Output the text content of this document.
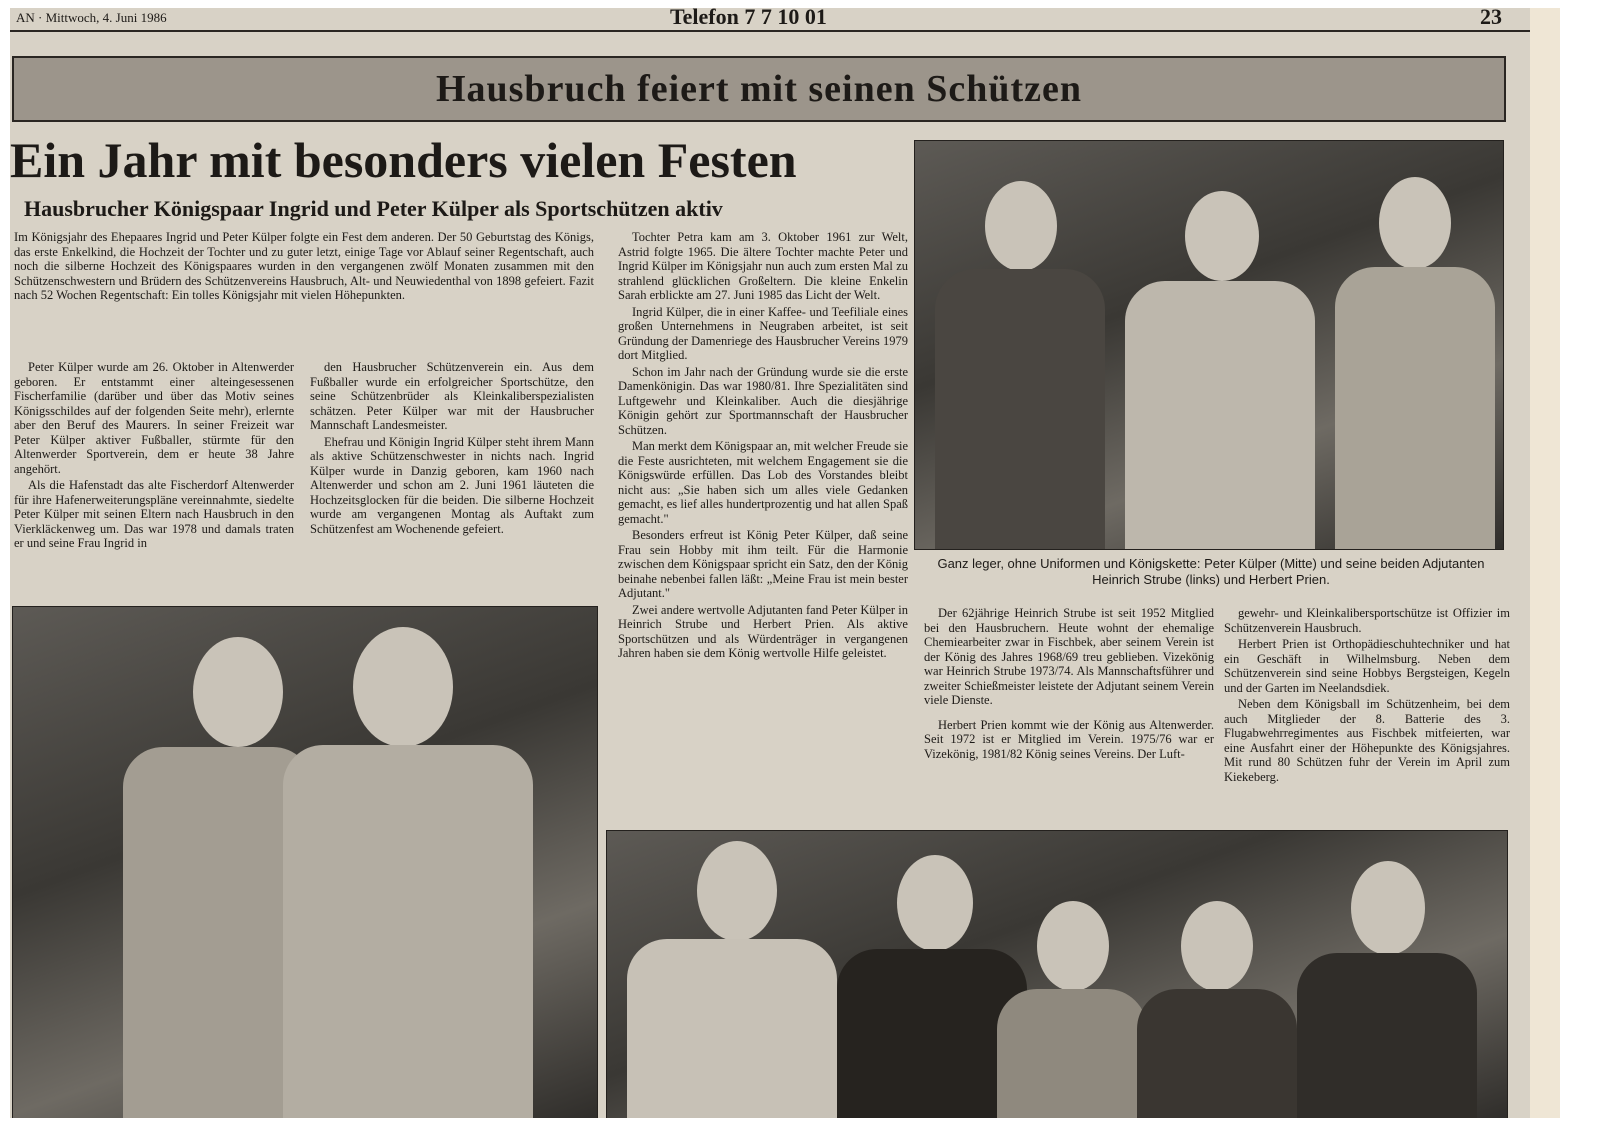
AN · Mittwoch, 4. Juni 1986	Telefon 7 7 10 01	23
Hausbruch feiert mit seinen Schützen
Ein Jahr mit besonders vielen Festen
Hausbrucher Königspaar Ingrid und Peter Külper als Sportschützen aktiv
Im Königsjahr des Ehepaares Ingrid und Peter Külper folgte ein Fest dem anderen. Der 50 Geburtstag des Königs, das erste Enkelkind, die Hochzeit der Tochter und zu guter letzt, einige Tage vor Ablauf seiner Regentschaft, auch noch die silberne Hochzeit des Königspaares wurden in den vergangenen zwölf Monaten zusammen mit den Schützenschwestern und Brüdern des Schützenvereins Hausbruch, Alt- und Neuwiedenthal von 1898 gefeiert. Fazit nach 52 Wochen Regentschaft: Ein tolles Königsjahr mit vielen Höhepunkten.

Peter Külper wurde am 26. Oktober in Altenwerder geboren. Er entstammt einer alteingesessenen Fischerfamilie (darüber und über das Motiv seines Königsschildes auf der folgenden Seite mehr), erlernte aber den Beruf des Maurers. In seiner Freizeit war Peter Külper aktiver Fußballer, stürmte für den Altenwerder Sportverein, dem er heute 38 Jahre angehört.

Als die Hafenstadt das alte Fischerdorf Altenwerder für ihre Hafenerweiterungspläne vereinnahmte, siedelte Peter Külper mit seinen Eltern nach Hausbruch in den Vierkläckenweg um. Das war 1978 und damals traten er und seine Frau Ingrid in

den Hausbrucher Schützenverein ein. Aus dem Fußballer wurde ein erfolgreicher Sportschütze, den seine Schützenbrüder als Kleinkaliberspezialisten schätzen. Peter Külper war mit der Hausbrucher Mannschaft Landesmeister.

Ehefrau und Königin Ingrid Külper steht ihrem Mann als aktive Schützenschwester in nichts nach. Ingrid Külper wurde in Danzig geboren, kam 1960 nach Altenwerder und schon am 2. Juni 1961 läuteten die Hochzeitsglocken für die beiden. Die silberne Hochzeit wurde am vergangenen Montag als Auftakt zum Schützenfest am Wochenende gefeiert.

Tochter Petra kam am 3. Oktober 1961 zur Welt, Astrid folgte 1965. Die ältere Tochter machte Peter und Ingrid Külper im Königsjahr nun auch zum ersten Mal zu strahlend glücklichen Großeltern. Die kleine Enkelin Sarah erblickte am 27. Juni 1985 das Licht der Welt.

Ingrid Külper, die in einer Kaffee- und Teefiliale eines großen Unternehmens in Neugraben arbeitet, ist seit Gründung der Damenriege des Hausbrucher Vereins 1979 dort Mitglied.

Schon im Jahr nach der Gründung wurde sie die erste Damenkönigin. Das war 1980/81. Ihre Spezialitäten sind Luftgewehr und Kleinkaliber. Auch die diesjährige Königin gehört zur Sportmannschaft der Hausbrucher Schützen.

Man merkt dem Königspaar an, mit welcher Freude sie die Feste ausrichteten, mit welchem Engagement sie die Königswürde erfüllen. Das Lob des Vorstandes bleibt nicht aus: „Sie haben sich um alles viele Gedanken gemacht, es lief alles hundertprozentig und hat allen Spaß gemacht."

Besonders erfreut ist König Peter Külper, daß seine Frau sein Hobby mit ihm teilt. Für die Harmonie zwischen dem Königspaar spricht ein Satz, den der König beinahe nebenbei fallen läßt: „Meine Frau ist mein bester Adjutant."

Zwei andere wertvolle Adjutanten fand Peter Külper in Heinrich Strube und Herbert Prien. Als aktive Sportschützen und als Würdenträger in vergangenen Jahren haben sie dem König wertvolle Hilfe geleistet.

Ganz leger, ohne Uniformen und Königskette: Peter Külper (Mitte) und seine beiden Adjutanten Heinrich Strube (links) und Herbert Prien.

Der 62jährige Heinrich Strube ist seit 1952 Mitglied bei den Hausbruchern. Heute wohnt der ehemalige Chemiearbeiter zwar in Fischbek, aber seinem Verein ist der König des Jahres 1968/69 treu geblieben. Vizekönig war Heinrich Strube 1973/74. Als Mannschaftsführer und zweiter Schießmeister leistete der Adjutant seinem Verein viele Dienste.

Herbert Prien kommt wie der König aus Altenwerder. Seit 1972 ist er Mitglied im Verein. 1975/76 war er Vizekönig, 1981/82 König seines Vereins. Der Luft-

gewehr- und Kleinkalibersportschütze ist Offizier im Schützenverein Hausbruch.

Herbert Prien ist Orthopädieschuhtechniker und hat ein Geschäft in Wilhelmsburg. Neben dem Schützenverein sind seine Hobbys Bergsteigen, Kegeln und der Garten im Neelandsdiek.

Neben dem Königsball im Schützenheim, bei dem auch Mitglieder der 8. Batterie des 3. Flugabwehrregimentes aus Fischbek mitfeierten, war eine Ausfahrt einer der Höhepunkte des Königsjahres. Mit rund 80 Schützen fuhr der Verein im April zum Kiekeberg.
